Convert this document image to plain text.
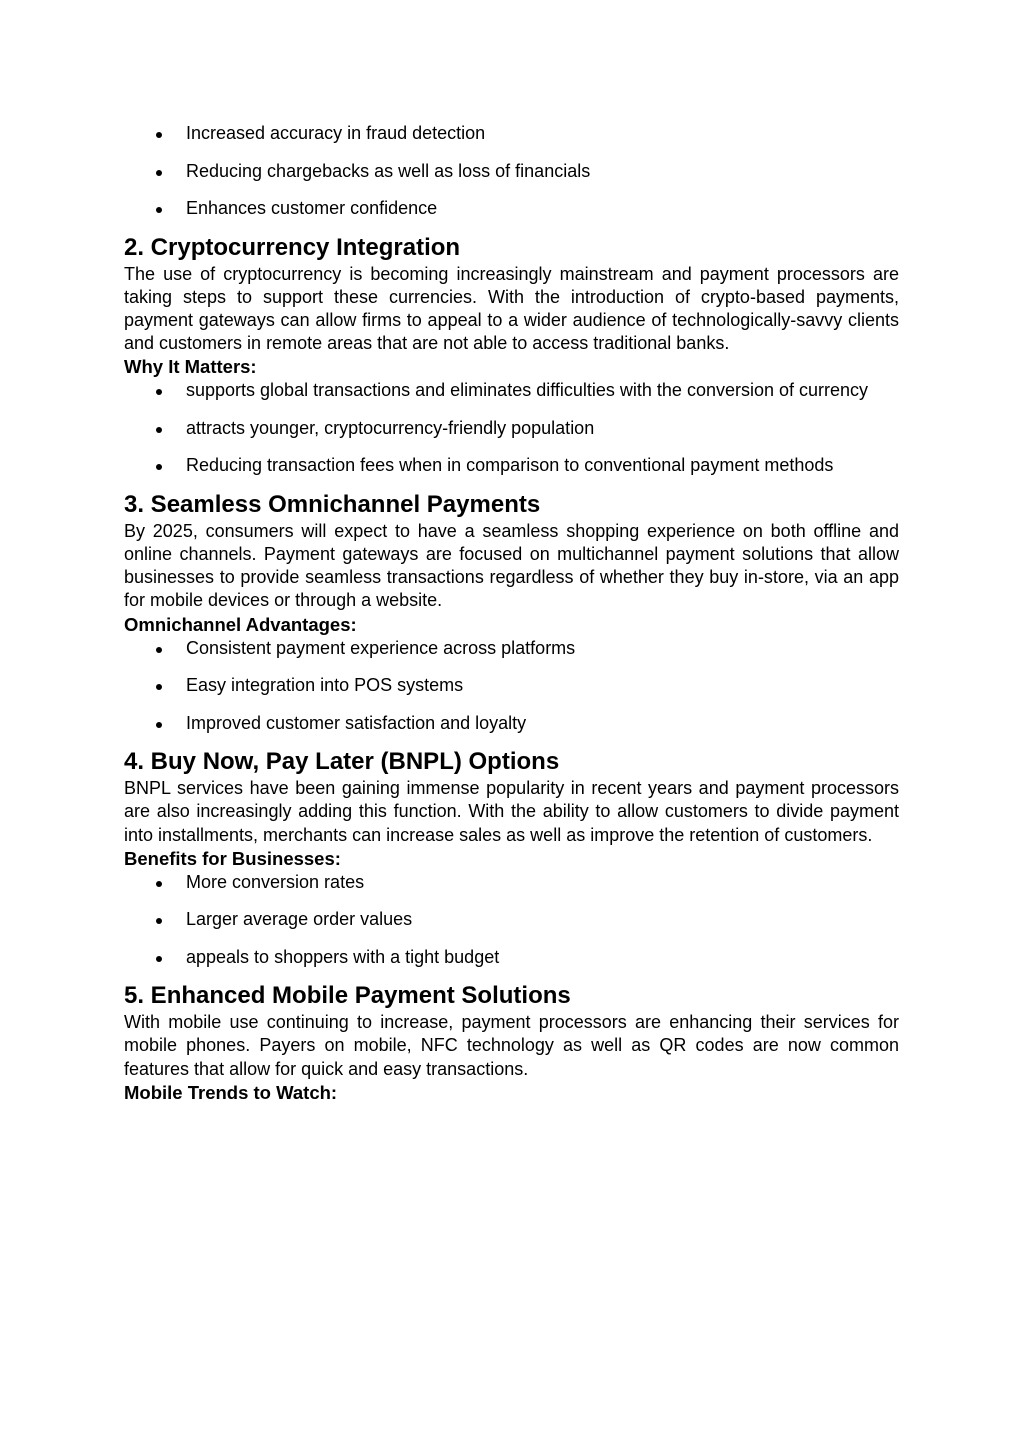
Increased accuracy in fraud detection
Reducing chargebacks as well as loss of financials
Enhances customer confidence
2. Cryptocurrency Integration

The use of cryptocurrency is becoming increasingly mainstream and payment processors are taking steps to support these currencies. With the introduction of crypto-based payments, payment gateways can allow firms to appeal to a wider audience of technologically-savvy clients and customers in remote areas that are not able to access traditional banks.

Why It Matters:

supports global transactions and eliminates difficulties with the conversion of currency
attracts younger, cryptocurrency-friendly population
Reducing transaction fees when in comparison to conventional payment methods
3. Seamless Omnichannel Payments

By 2025, consumers will expect to have a seamless shopping experience on both offline and online channels. Payment gateways are focused on multichannel payment solutions that allow businesses to provide seamless transactions regardless of whether they buy in-store, via an app for mobile devices or through a website.

Omnichannel Advantages:

Consistent payment experience across platforms
Easy integration into POS systems
Improved customer satisfaction and loyalty
4. Buy Now, Pay Later (BNPL) Options

BNPL services have been gaining immense popularity in recent years and payment processors are also increasingly adding this function. With the ability to allow customers to divide payment into installments, merchants can increase sales as well as improve the retention of customers.

Benefits for Businesses:

More conversion rates
Larger average order values
appeals to shoppers with a tight budget
5. Enhanced Mobile Payment Solutions

With mobile use continuing to increase, payment processors are enhancing their services for mobile phones. Payers on mobile, NFC technology as well as QR codes are now common features that allow for quick and easy transactions.

Mobile Trends to Watch:
